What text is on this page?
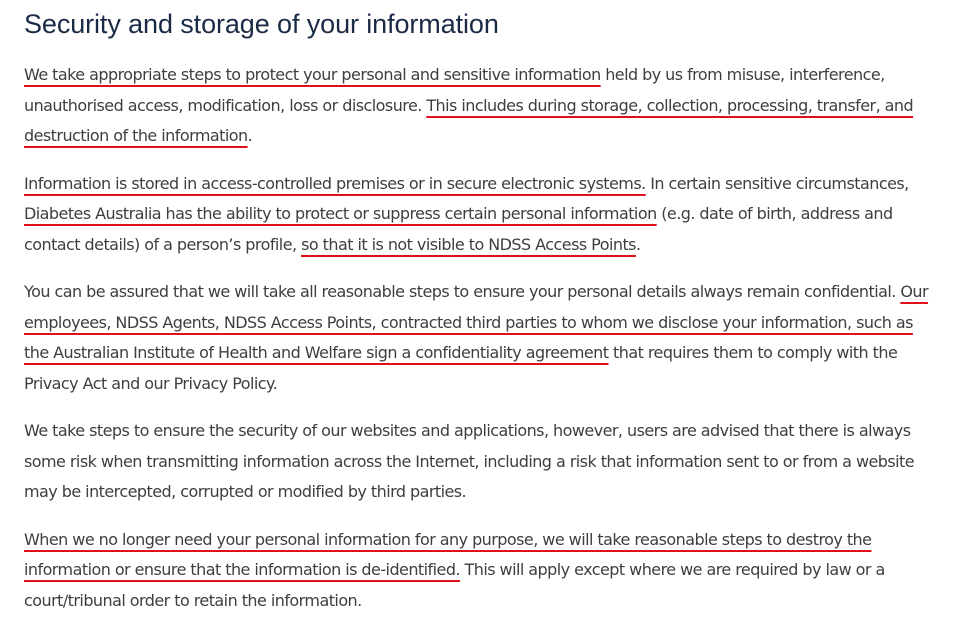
Security and storage of your information

We take appropriate steps to protect your personal and sensitive information held by us from misuse, interference, unauthorised access, modification, loss or disclosure. This includes during storage, collection, processing, transfer, and destruction of the information.

Information is stored in access-controlled premises or in secure electronic systems. In certain sensitive circumstances, Diabetes Australia has the ability to protect or suppress certain personal information (e.g. date of birth, address and contact details) of a person’s profile, so that it is not visible to NDSS Access Points.

You can be assured that we will take all reasonable steps to ensure your personal details always remain confidential. Our employees, NDSS Agents, NDSS Access Points, contracted third parties to whom we disclose your information, such as the Australian Institute of Health and Welfare sign a confidentiality agreement that requires them to comply with the Privacy Act and our Privacy Policy.

We take steps to ensure the security of our websites and applications, however, users are advised that there is always some risk when transmitting information across the Internet, including a risk that information sent to or from a website may be intercepted, corrupted or modified by third parties.

When we no longer need your personal information for any purpose, we will take reasonable steps to destroy the information or ensure that the information is de-identified. This will apply except where we are required by law or a court/tribunal order to retain the information.
